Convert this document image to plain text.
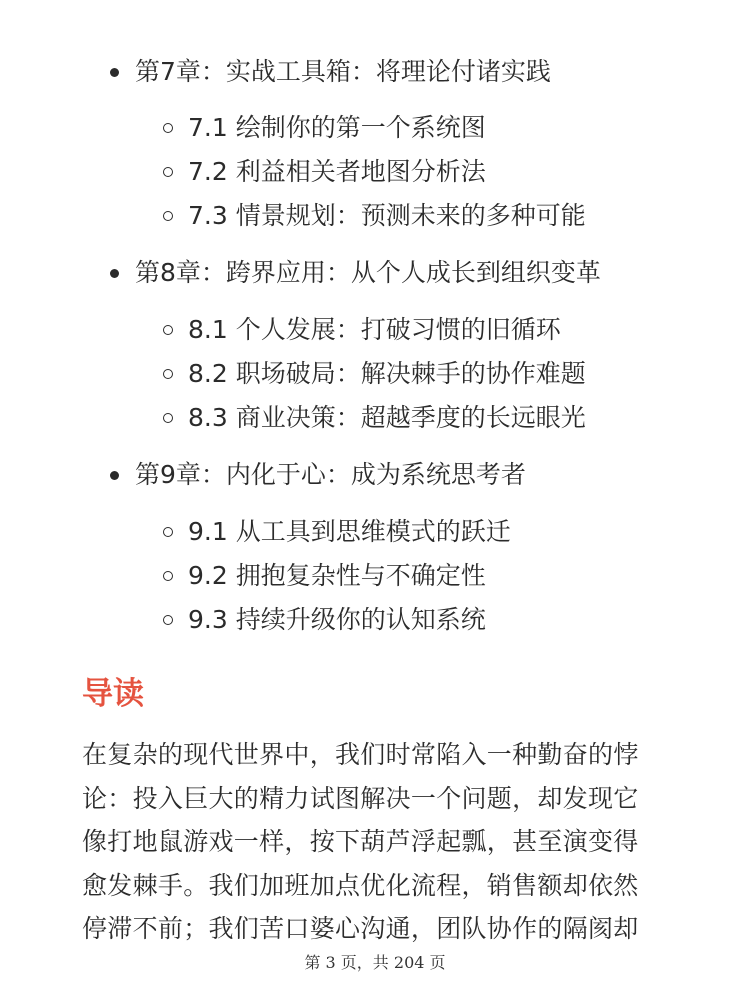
第7章：实战工具箱：将理论付诸实践
7.1 绘制你的第一个系统图
7.2 利益相关者地图分析法
7.3 情景规划：预测未来的多种可能
第8章：跨界应用：从个人成长到组织变革
8.1 个人发展：打破习惯的旧循环
8.2 职场破局：解决棘手的协作难题
8.3 商业决策：超越季度的长远眼光
第9章：内化于心：成为系统思考者
9.1 从工具到思维模式的跃迁
9.2 拥抱复杂性与不确定性
9.3 持续升级你的认知系统
导读
在复杂的现代世界中，我们时常陷入一种勤奋的悖
论：投入巨大的精力试图解决一个问题，却发现它
像打地鼠游戏一样，按下葫芦浮起瓢，甚至演变得
愈发棘手。我们加班加点优化流程，销售额却依然
停滞不前；我们苦口婆心沟通，团队协作的隔阂却
第 3 页，共 204 页
